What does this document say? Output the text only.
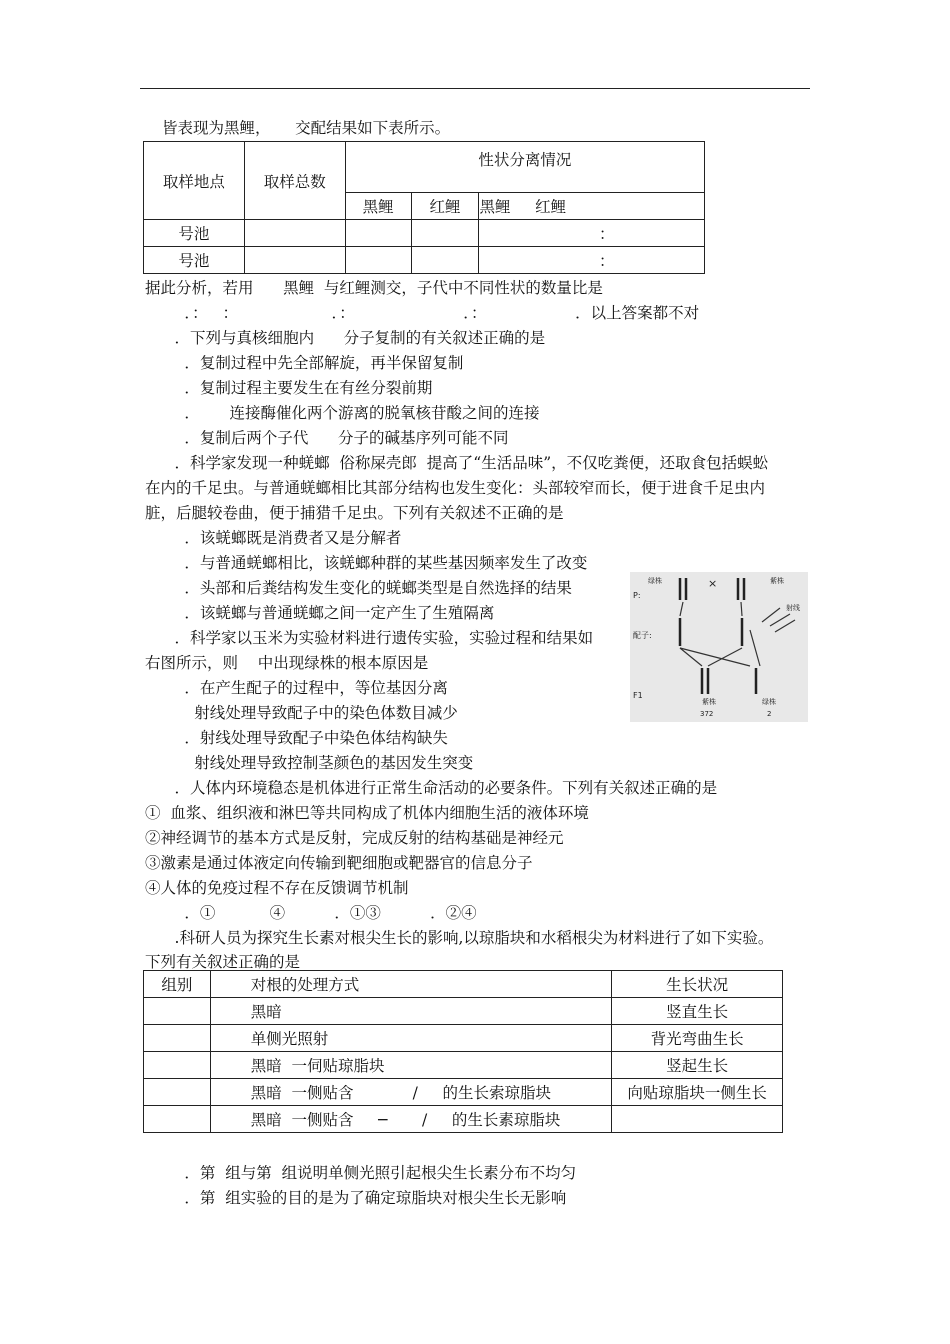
皆表现为黑鲤，     交配结果如下表所示。
取样地点	取样总数	性状分离情况		
		黑鲤	红鲤	黑鲤     红鲤
号池				：
号池				：
据此分析，若用      黑鲤  与红鲤测交，子代中不同性状的数量比是
．：   ：                   ．：                      ．：                  ．以上答案都不对
．下列与真核细胞内      分子复制的有关叙述正确的是
．复制过程中先全部解旋，再半保留复制
．复制过程主要发生在有丝分裂前期
．      连接酶催化两个游离的脱氧核苷酸之间的连接
．复制后两个子代      分子的碱基序列可能不同
．科学家发现一种蜣螂  俗称屎壳郎  提高了“生活品味”，不仅吃粪便，还取食包括蜈蚣
在内的千足虫。与普通蜣螂相比其部分结构也发生变化：头部较窄而长，便于进食千足虫内
脏，后腿较卷曲，便于捕猎千足虫。下列有关叙述不正确的是
．该蜣螂既是消费者又是分解者
．与普通蜣螂相比，该蜣螂种群的某些基因频率发生了改变
．头部和后粪结构发生变化的蜣螂类型是自然选择的结果
．该蜣螂与普通蜣螂之间一定产生了生殖隔离
．科学家以玉米为实验材料进行遗传实验，实验过程和结果如
右图所示，则    中出现绿株的根本原因是
．在产生配子的过程中，等位基因分离
射线处理导致配子中的染色体数目减少
．射线处理导致配子中染色体结构缺失
射线处理导致控制茎颜色的基因发生突变
．人体内环境稳态是机体进行正常生命活动的必要条件。下列有关叙述正确的是
①  血浆、组织液和淋巴等共同构成了机体内细胞生活的液体环境
②神经调节的基本方式是反射，完成反射的结构基础是神经元
③激素是通过体液定向传输到靶细胞或靶器官的信息分子
④人体的免疫过程不存在反馈调节机制
．①           ④          ．①③          ．②④
.科研人员为探究生长素对根尖生长的影响,以琼脂块和水稻根尖为材料进行了如下实验。
下列有关叙述正确的是
组别	对根的处理方式	生长状况
	黑暗	竖直生长
	单侧光照射	背光弯曲生长
	黑暗  一伺贴琼脂块	竖起生长
	黑暗  一侧贴含            /     的生长索琼脂块	向贴琼脂块一侧生长
	黑暗  一侧贴含     ─       /     的生长素琼脂块	
．第  组与第  组说明单侧光照引起根尖生长素分布不均匀
．第  组实验的目的是为了确定琼脂块对根尖生长无影响
P:
配子:
F1
绿株	紫株
×
射线
紫株	绿株
372	2
